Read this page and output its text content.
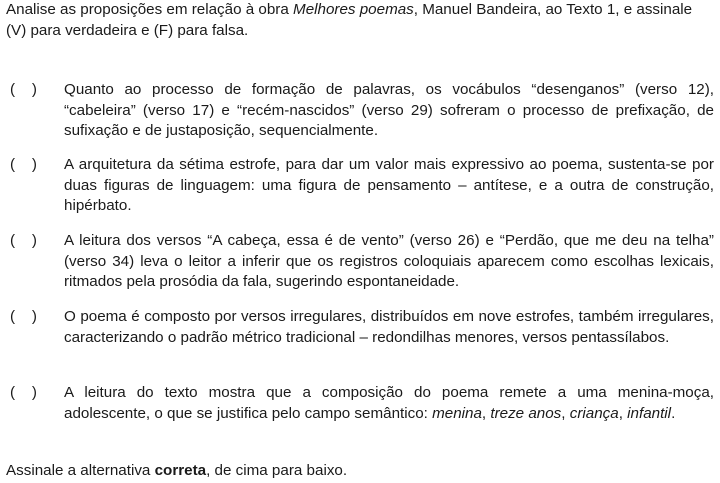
Analise as proposições em relação à obra Melhores poemas, Manuel Bandeira, ao Texto 1, e assinale (V) para verdadeira e (F) para falsa.
(    )	Quanto ao processo de formação de palavras, os vocábulos “desenganos” (verso 12), “cabeleira” (verso 17) e “recém-nascidos” (verso 29) sofreram o processo de prefixação, de sufixação e de justaposição, sequencialmente.
(    )	A arquitetura da sétima estrofe, para dar um valor mais expressivo ao poema, sustenta-se por duas figuras de linguagem: uma figura de pensamento – antítese, e a outra de construção, hipérbato.
(    )	A leitura dos versos “A cabeça, essa é de vento” (verso 26) e “Perdão, que me deu na telha” (verso 34) leva o leitor a inferir que os registros coloquiais aparecem como escolhas lexicais, ritmados pela prosódia da fala, sugerindo espontaneidade.
(    )	O poema é composto por versos irregulares, distribuídos em nove estrofes, também irregulares, caracterizando o padrão métrico tradicional – redondilhas menores, versos pentassílabos.
(    )	A leitura do texto mostra que a composição do poema remete a uma menina-moça, adolescente, o que se justifica pelo campo semântico: menina, treze anos, criança, infantil.
Assinale a alternativa correta, de cima para baixo.
